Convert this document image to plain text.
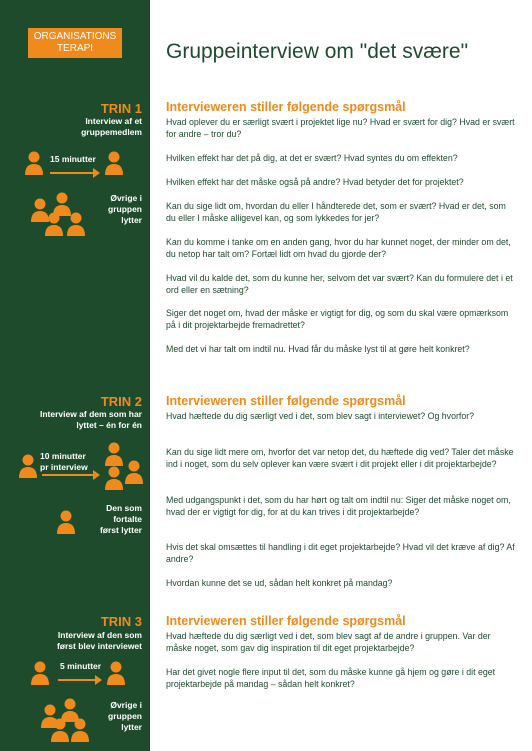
ORGANISATIONS
TERAPI	Gruppeinterview om "det svære"
TRIN 1
Interview af et
gruppemedlem
15 minutter
Øvrige i
gruppen
lytter
Intervieweren stiller følgende spørgsmål
Hvad oplever du er særligt svært i projektet lige nu? Hvad er svært for dig? Hvad er svært for andre – tror du?
Hvilken effekt har det på dig, at det er svært? Hvad syntes du om effekten?
Hvilken effekt har det måske også på andre? Hvad betyder det for projektet?
Kan du sige lidt om, hvordan du eller I håndterede det, som er svært? Hvad er det, som du eller I måske alligevel kan, og som lykkedes for jer?
Kan du komme i tanke om en anden gang, hvor du har kunnet noget, der minder om det, du netop har talt om? Fortæl lidt om hvad du gjorde der?
Hvad vil du kalde det, som du kunne her, selvom det var svært? Kan du formulere det i et ord eller en sætning?
Siger det noget om, hvad der måske er vigtigt for dig, og som du skal være opmærksom på i dit projektarbejde fremadrettet?
Med det vi har talt om indtil nu. Hvad får du måske lyst til at gøre helt konkret?
TRIN 2
Interview af dem som har
lyttet – én for én
10 minutter
pr interview
Den som
fortalte
først lytter
Intervieweren stiller følgende spørgsmål
Hvad hæftede du dig særligt ved i det, som blev sagt i interviewet? Og hvorfor?
Kan du sige lidt mere om, hvorfor det var netop det, du hæftede dig ved? Taler det måske ind i noget, som du selv oplever kan være svært i dit projekt eller i dit projektarbejde?
Med udgangspunkt i det, som du har hørt og talt om indtil nu: Siger det måske noget om, hvad der er vigtigt for dig, for at du kan trives i dit projektarbejde?
Hvis det skal omsættes til handling i dit eget projektarbejde? Hvad vil det kræve af dig? Af andre?
Hvordan kunne det se ud, sådan helt konkret på mandag?
TRIN 3
Interview af den som
først blev interviewet
5 minutter
Øvrige i
gruppen
lytter
Intervieweren stiller følgende spørgsmål
Hvad hæftede du dig særligt ved i det, som blev sagt af de andre i gruppen. Var der måske noget, som gav dig inspiration til dit eget projektarbejde?
Har det givet nogle flere input til det, som du måske kunne gå hjem og gøre i dit eget projektarbejde på mandag – sådan helt konkret?
